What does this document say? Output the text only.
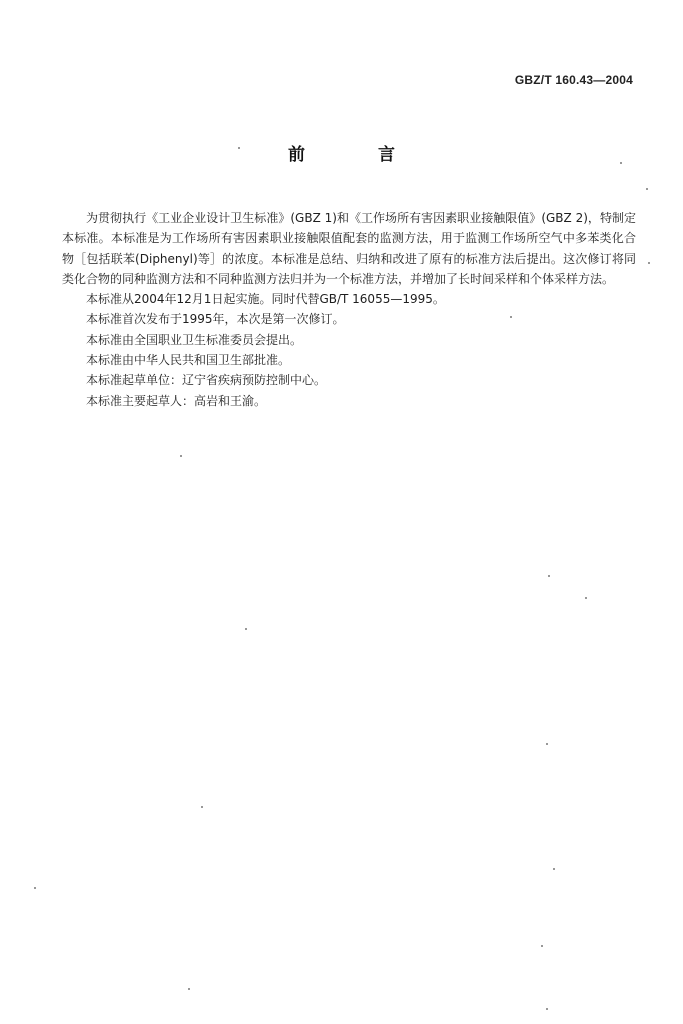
GBZ/T 160.43—2004
前　言

为贯彻执行《工业企业设计卫生标准》(GBZ 1)和《工作场所有害因素职业接触限值》(GBZ 2)，特制定本标准。本标准是为工作场所有害因素职业接触限值配套的监测方法，用于监测工作场所空气中多苯类化合物［包括联苯(Diphenyl)等］的浓度。本标准是总结、归纳和改进了原有的标准方法后提出。这次修订将同类化合物的同种监测方法和不同种监测方法归并为一个标准方法，并增加了长时间采样和个体采样方法。

本标准从2004年12月1日起实施。同时代替GB/T 16055—1995。

本标准首次发布于1995年，本次是第一次修订。

本标准由全国职业卫生标准委员会提出。

本标准由中华人民共和国卫生部批准。

本标准起草单位：辽宁省疾病预防控制中心。

本标准主要起草人：高岩和王渝。
